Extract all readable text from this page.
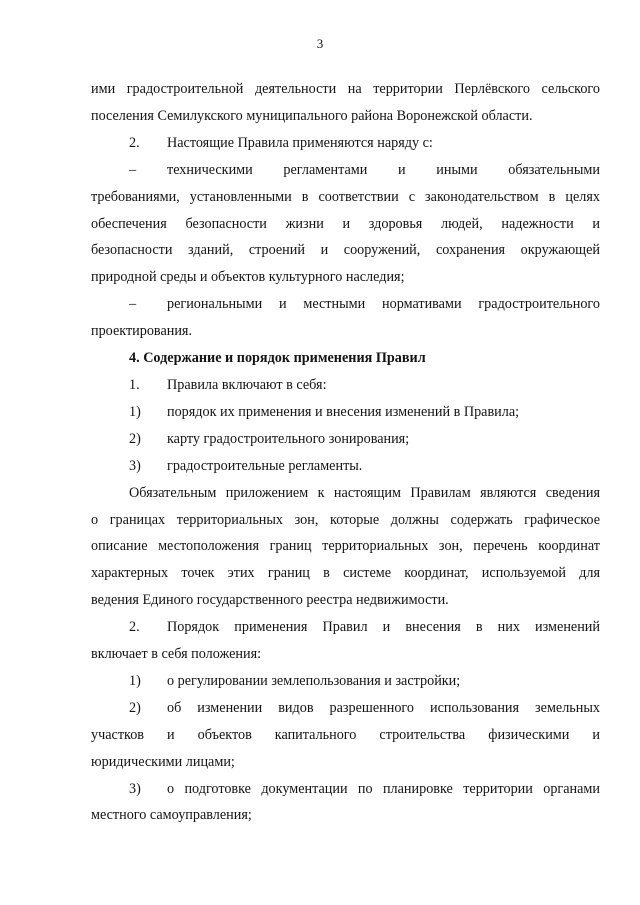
3

ими градостроительной деятельности на территории Перлёвского сельского
поселения Семилукского муниципального района Воронежской области.

2. Настоящие Правила применяются наряду с:

–	техническими регламентами и иными обязательными
требованиями, установленными в соответствии с законодательством в целях
обеспечения безопасности жизни и здоровья людей, надежности и
безопасности зданий, строений и сооружений, сохранения окружающей
природной среды и объектов культурного наследия;
–	региональными и местными нормативами градостроительного
проектирования.

4. Содержание и порядок применения Правил

1. Правила включают в себя:

1) порядок их применения и внесения изменений в Правила;

2) карту градостроительного зонирования;

3) градостроительные регламенты.

Обязательным приложением к настоящим Правилам являются сведения
о границах территориальных зон, которые должны содержать графическое
описание местоположения границ территориальных зон, перечень координат
характерных точек этих границ в системе координат, используемой для
ведения Единого государственного реестра недвижимости.
2.	Порядок применения Правил и внесения в них изменений
включает в себя положения:

1) о регулировании землепользования и застройки;

2)	об изменении видов разрешенного использования земельных
участков и объектов капитального строительства физическими и
юридическими лицами;
3)	о подготовке документации по планировке территории органами
местного самоуправления;
